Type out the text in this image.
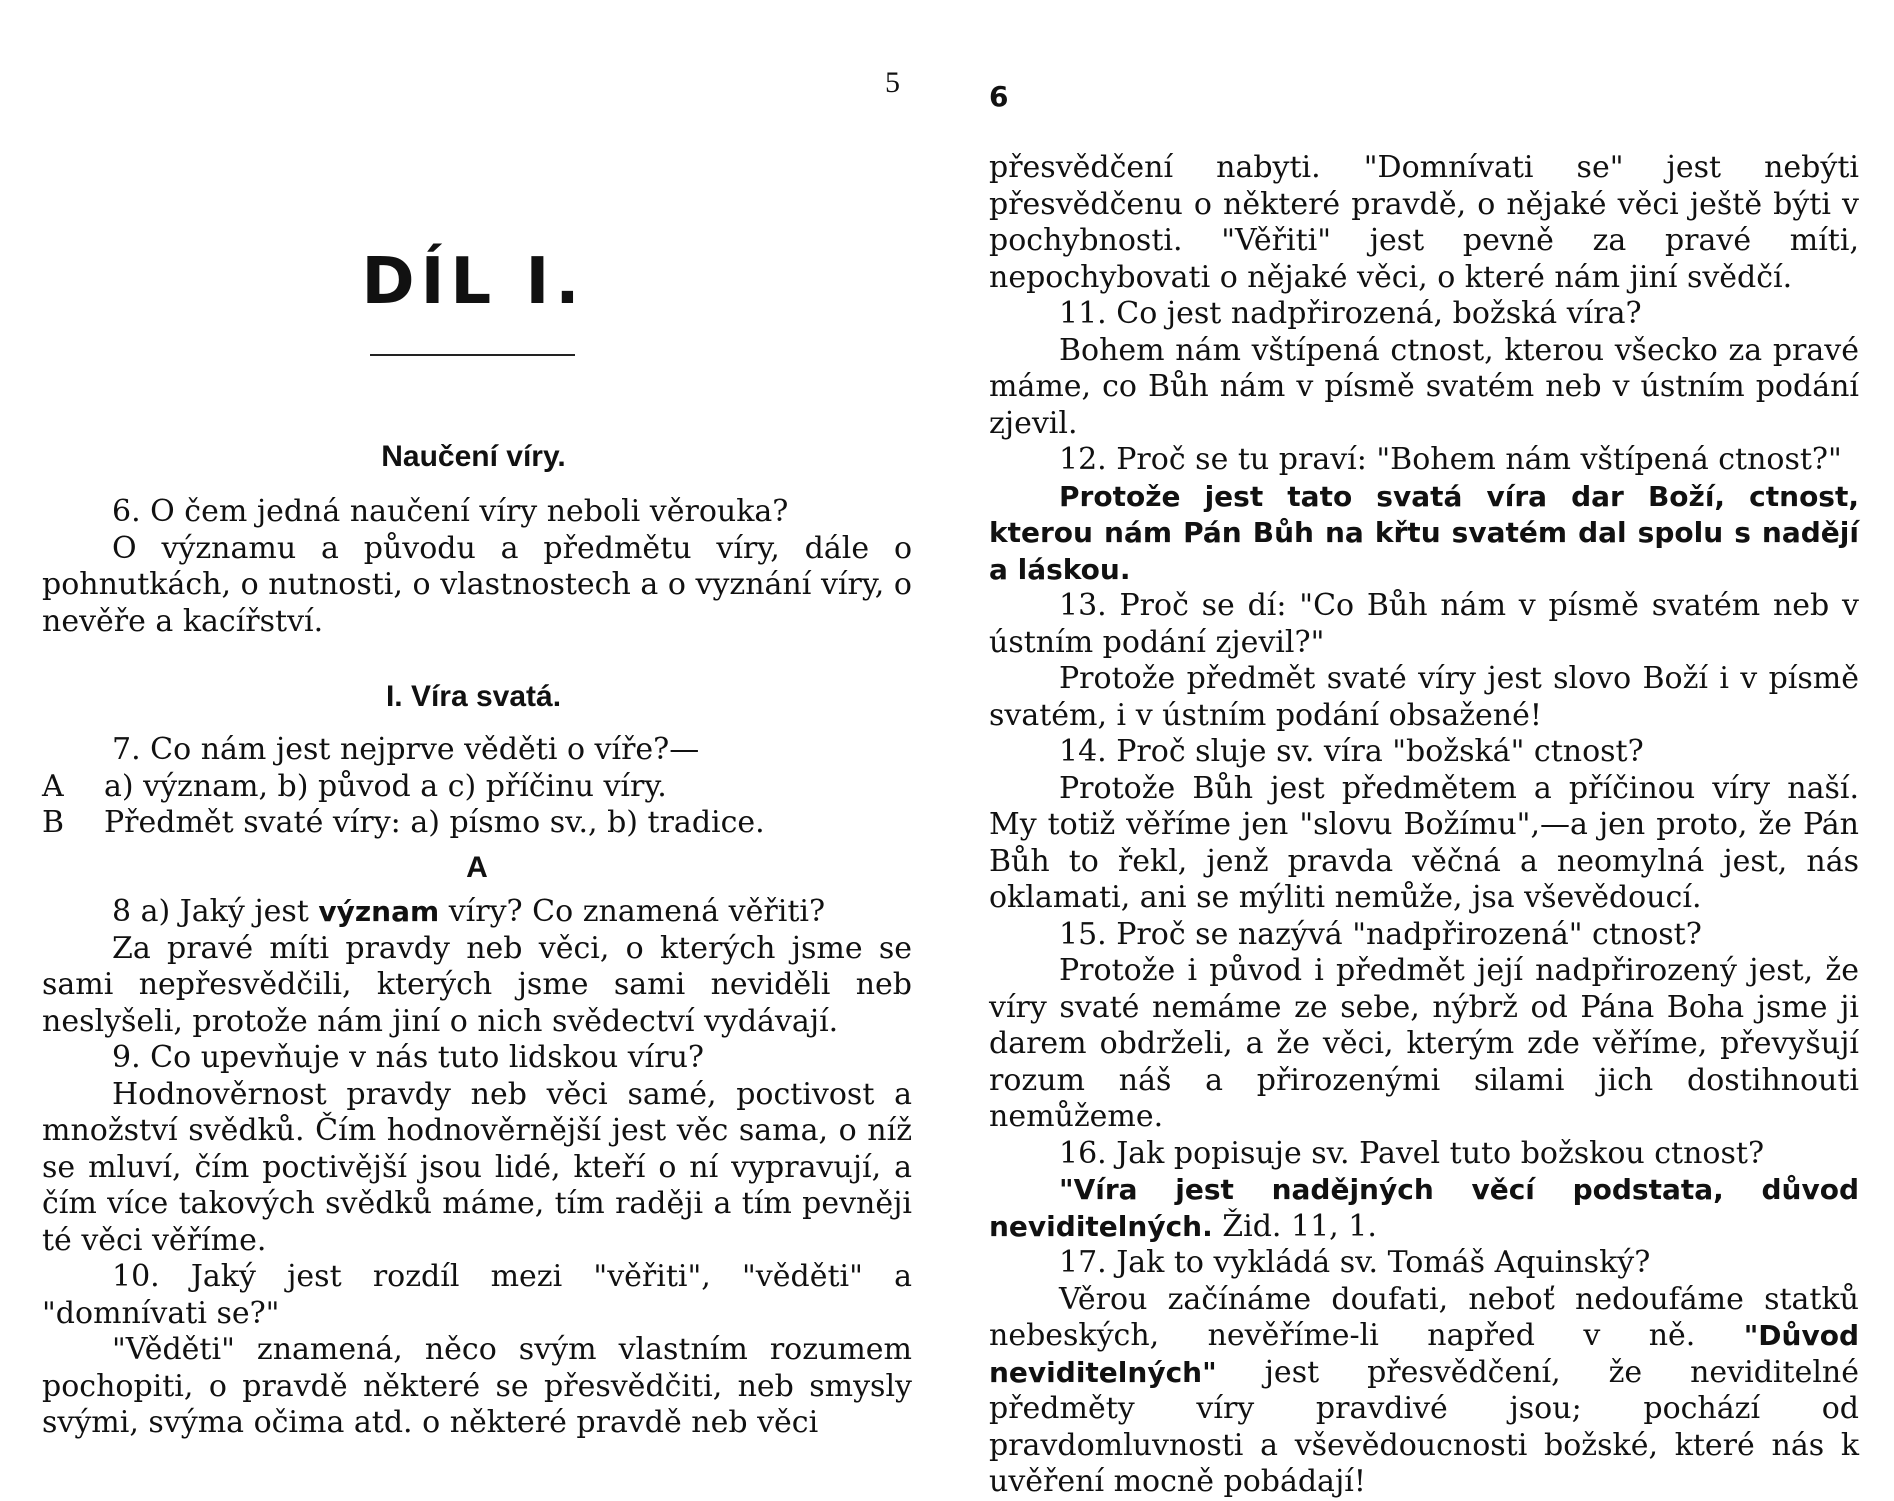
5
DÍL I.
Naučení víry.

6. O čem jedná naučení víry neboli věrouka?

O významu a původu a předmětu víry, dále o pohnutkách, o nutnosti, o vlastnostech a o vyznání víry, o nevěře a kacířství.

I. Víra svatá.

7. Co nám jest nejprve věděti o víře?—

A	a) význam, b) původ a c) příčinu víry.
B	Předmět svaté víry: a) písmo sv., b) tradice.

A

8 a) Jaký jest význam víry? Co znamená věřiti?

Za pravé míti pravdy neb věci, o kterých jsme se sami nepřesvědčili, kterých jsme sami neviděli neb neslyšeli, protože nám jiní o nich svědectví vydávají.

9. Co upevňuje v nás tuto lidskou víru?

Hodnověrnost pravdy neb věci samé, poctivost a množství svědků. Čím hodnověrnější jest věc sama, o níž se mluví, čím poctivější jsou lidé, kteří o ní vypravují, a čím více takových svědků máme, tím raději a tím pevněji té věci věříme.

10. Jaký jest rozdíl mezi "věřiti", "věděti" a "domnívati se?"

"Věděti" znamená, něco svým vlastním rozumem pochopiti, o pravdě některé se přesvědčiti, neb smysly svými, svýma očima atd. o některé pravdě neb věci

6

přesvědčení nabyti. "Domnívati se" jest nebýti přesvědčenu o některé pravdě, o nějaké věci ještě býti v pochybnosti. "Věřiti" jest pevně za pravé míti, nepochybovati o nějaké věci, o které nám jiní svědčí.

11. Co jest nadpřirozená, božská víra?

Bohem nám vštípená ctnost, kterou všecko za pravé máme, co Bůh nám v písmě svatém neb v ústním podání zjevil.

12. Proč se tu praví: "Bohem nám vštípená ctnost?"

Protože jest tato svatá víra dar Boží, ctnost, kterou nám Pán Bůh na křtu svatém dal spolu s nadějí a láskou.

13. Proč se dí: "Co Bůh nám v písmě svatém neb v ústním podání zjevil?"

Protože předmět svaté víry jest slovo Boží i v písmě svatém, i v ústním podání obsažené!

14. Proč sluje sv. víra "božská" ctnost?

Protože Bůh jest předmětem a příčinou víry naší. My totiž věříme jen "slovu Božímu",—a jen proto, že Pán Bůh to řekl, jenž pravda věčná a neomylná jest, nás oklamati, ani se mýliti nemůže, jsa vševědoucí.

15. Proč se nazývá "nadpřirozená" ctnost?

Protože i původ i předmět její nadpřirozený jest, že víry svaté nemáme ze sebe, nýbrž od Pána Boha jsme ji darem obdrželi, a že věci, kterým zde věříme, převyšují rozum náš a přirozenými silami jich dostihnouti nemůžeme.

16. Jak popisuje sv. Pavel tuto božskou ctnost?

"Víra jest nadějných věcí podstata, důvod neviditelných. Žid. 11, 1.

17. Jak to vykládá sv. Tomáš Aquinský?

Věrou začínáme doufati, neboť nedoufáme statků nebeských, nevěříme-li napřed v ně. "Důvod neviditelných" jest přesvědčení, že neviditelné předměty víry pravdivé jsou; pochází od pravdomluvnosti a vševědoucnosti božské, které nás k uvěření mocně pobádají!
